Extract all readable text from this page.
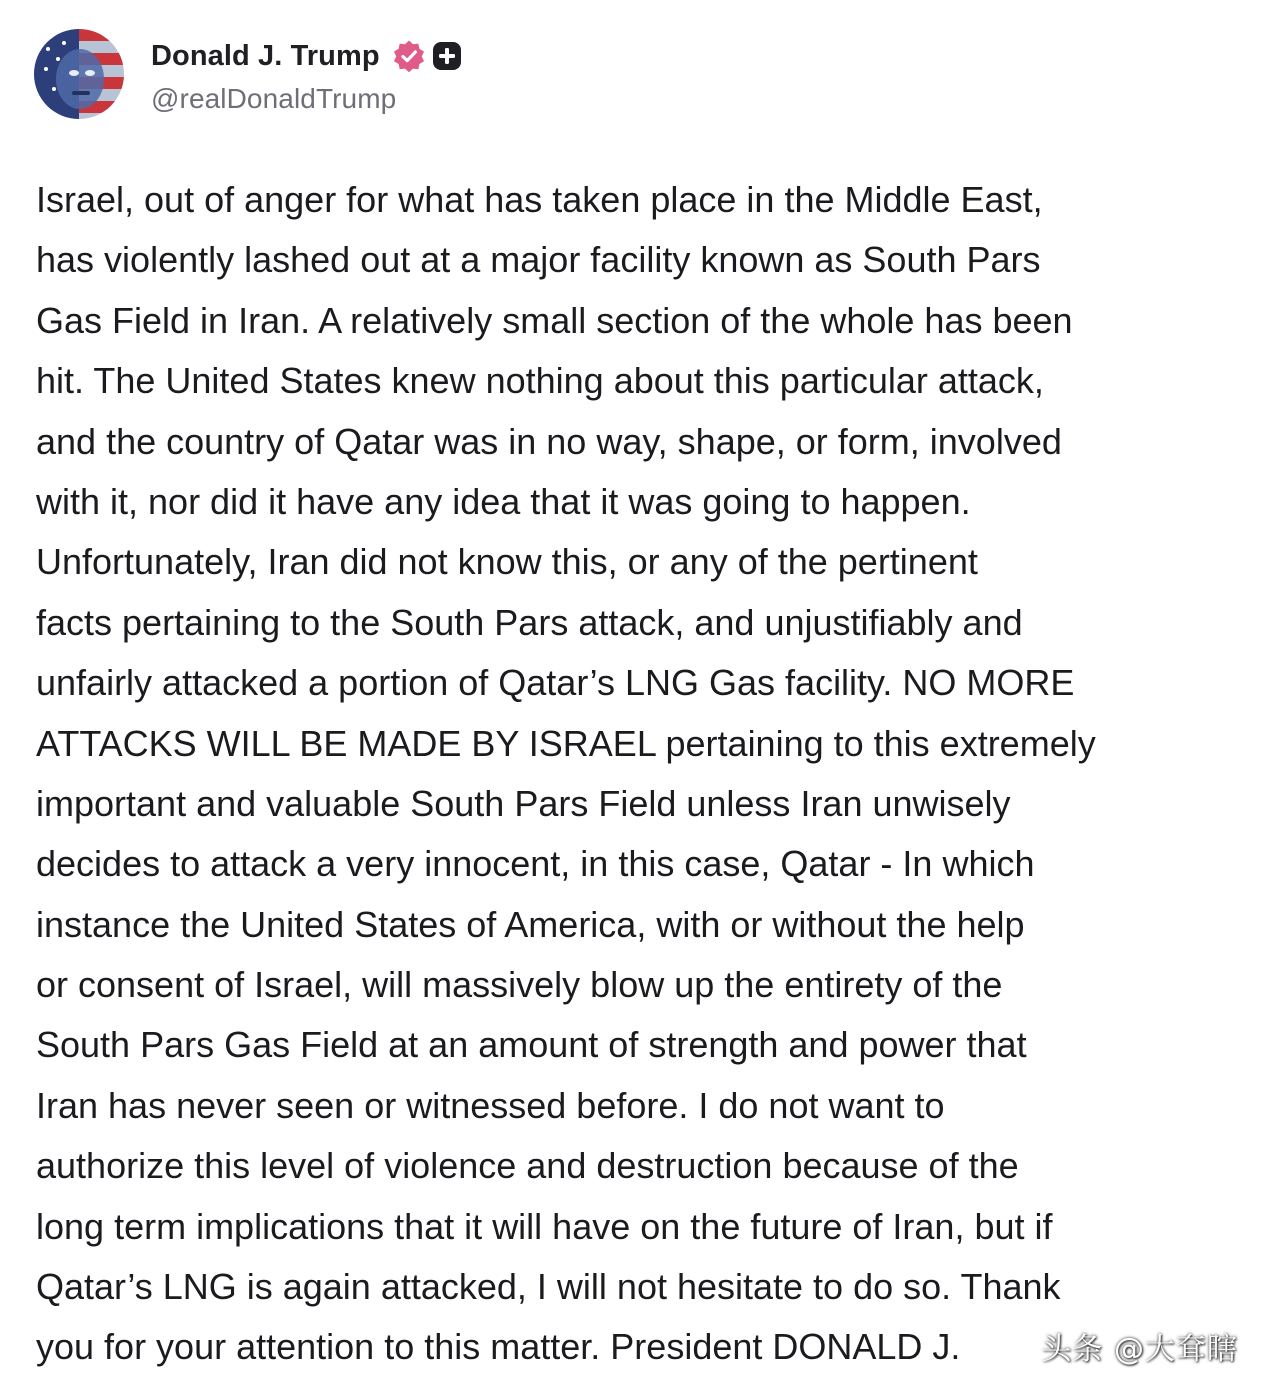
Donald J. Trump
@realDonaldTrump
Israel, out of anger for what has taken place in the Middle East,
has violently lashed out at a major facility known as South Pars
Gas Field in Iran. A relatively small section of the whole has been
hit. The United States knew nothing about this particular attack,
and the country of Qatar was in no way, shape, or form, involved
with it, nor did it have any idea that it was going to happen.
Unfortunately, Iran did not know this, or any of the pertinent
facts pertaining to the South Pars attack, and unjustifiably and
unfairly attacked a portion of Qatar’s LNG Gas facility. NO MORE
ATTACKS WILL BE MADE BY ISRAEL pertaining to this extremely
important and valuable South Pars Field unless Iran unwisely
decides to attack a very innocent, in this case, Qatar - In which
instance the United States of America, with or without the help
or consent of Israel, will massively blow up the entirety of the
South Pars Gas Field at an amount of strength and power that
Iran has never seen or witnessed before. I do not want to
authorize this level of violence and destruction because of the
long term implications that it will have on the future of Iran, but if
Qatar’s LNG is again attacked, I will not hesitate to do so. Thank
you for your attention to this matter. President DONALD J.	头条 @大耷瞎
